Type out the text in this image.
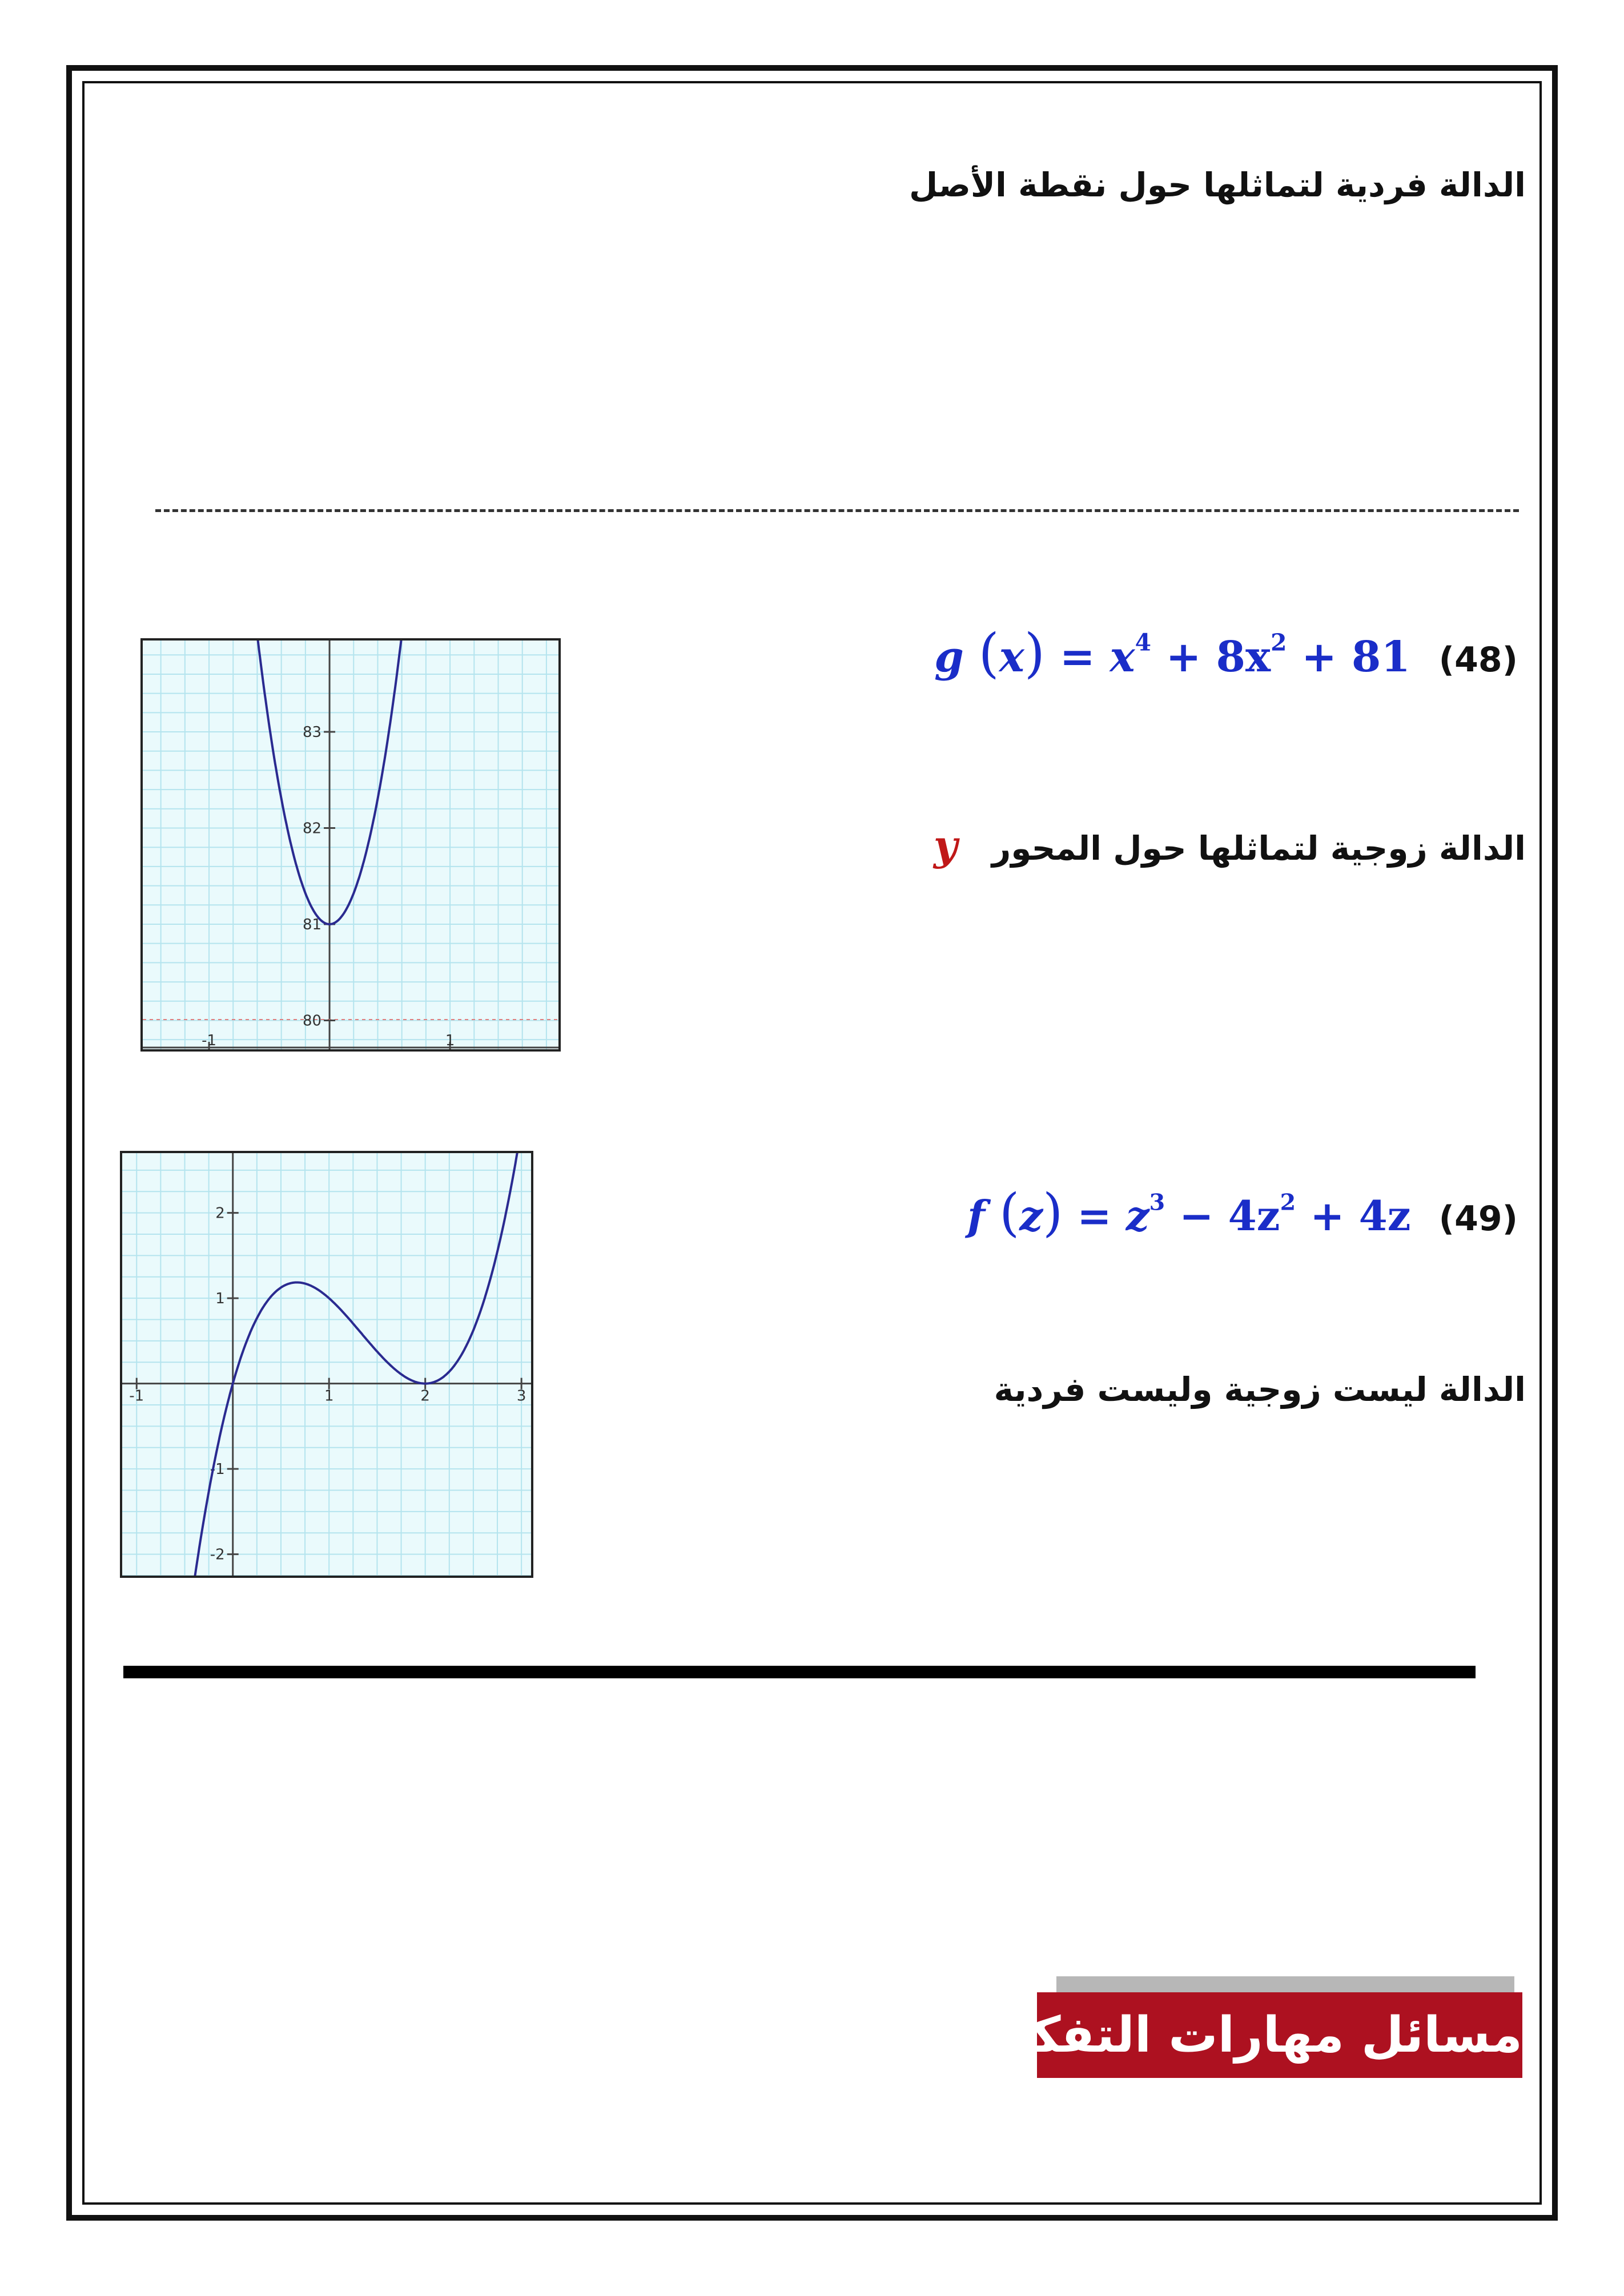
الدالة فردية لتماثلها حول نقطة الأصل
g $(x) = x^4 + 8x^2 + 81$ (48)
الدالة زوجية لتماثلها حول المحور y
-1	1
80
81
82
83
f $(z) = z^3 - 4z^2 + 4z$ (49)
الدالة ليست زوجية وليست فردية
-1	1	2	3
2
1
-1
-2
مسائل مهارات التفكير العليا
